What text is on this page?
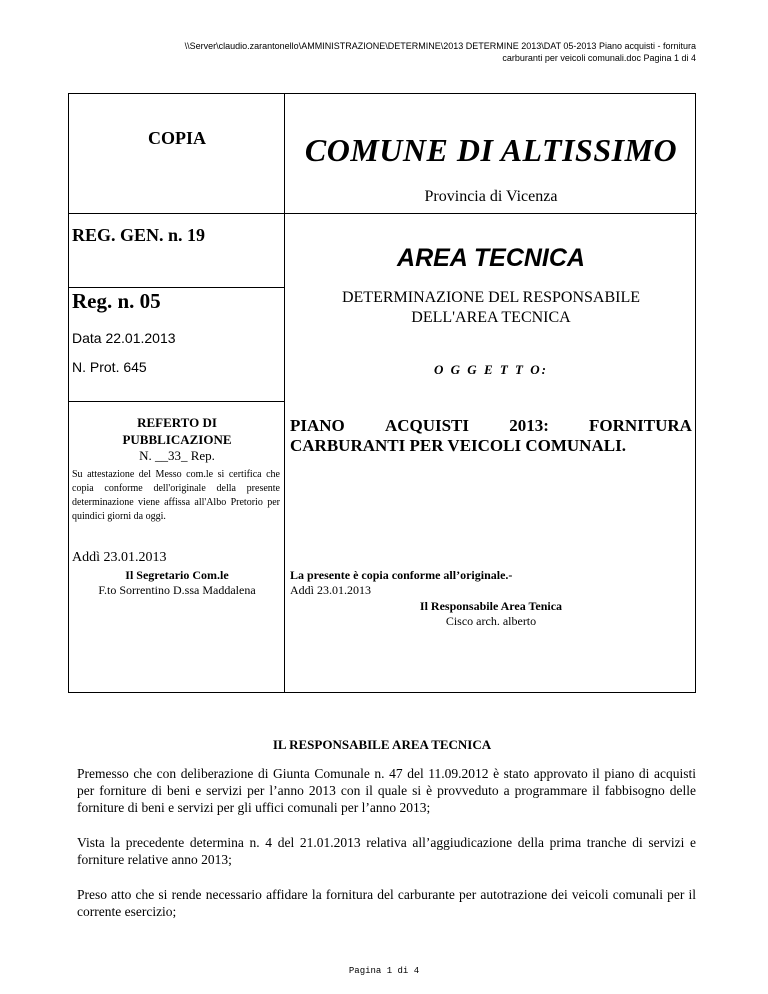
\\Server\claudio.zarantonello\AMMINISTRAZIONE\DETERMINE\2013 DETERMINE 2013\DAT 05-2013 Piano acquisti - fornitura
carburanti per veicoli comunali.doc Pagina 1 di 4
COPIA	COMUNE DI ALTISSIMO
Provincia di Vicenza
REG. GEN. n. 19
AREA TECNICA
Reg. n. 05	DETERMINAZIONE DEL RESPONSABILE
DELL'AREA TECNICA
Data 22.01.2013
N. Prot. 645	O G G E T T O:
REFERTO DI
PUBBLICAZIONE
N. __33_ Rep.
Su attestazione del Messo com.le si certifica che copia conforme dell'originale della presente determinazione viene affissa all'Albo Pretorio per quindici giorni da oggi.
PIANO ACQUISTI 2013: FORNITURA
CARBURANTI PER VEICOLI COMUNALI.
Addì 23.01.2013
Il Segretario Com.le
F.to Sorrentino D.ssa Maddalena
La presente è copia conforme all’originale.-
Addì 23.01.2013
Il Responsabile Area Tenica
Cisco arch. alberto
IL RESPONSABILE AREA TECNICA
Premesso che con deliberazione di Giunta Comunale n. 47 del 11.09.2012 è stato approvato il piano di acquisti per forniture di beni e servizi per l’anno 2013 con il quale si è provveduto a programmare il fabbisogno delle forniture di beni e servizi per gli uffici comunali per l’anno 2013;
Vista la precedente determina n. 4 del 21.01.2013 relativa all’aggiudicazione della prima tranche di servizi e forniture relative anno 2013;
Preso atto che si rende necessario affidare la fornitura del carburante per autotrazione dei veicoli comunali per il corrente esercizio;
Pagina 1 di 4
